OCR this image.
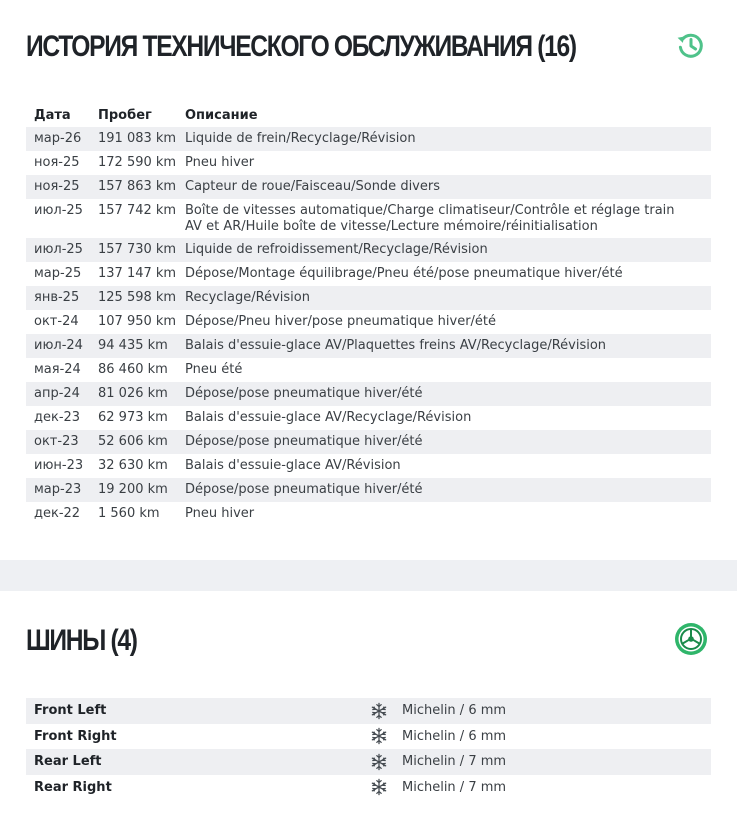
ИСТОРИЯ ТЕХНИЧЕСКОГО ОБСЛУЖИВАНИЯ (16)
Дата	Пробег	Описание
мар-26	191 083 km Liquide de frein/Recyclage/Révision
ноя-25	172 590 km Pneu hiver
ноя-25	157 863 km Capteur de roue/Faisceau/Sonde divers
июл-25	157 742 km Boîte de vitesses automatique/Charge climatiseur/Contrôle et réglage train AV et AR/Huile boîte de vitesse/Lecture mémoire/réinitialisation
июл-25	157 730 km Liquide de refroidissement/Recyclage/Révision
мар-25	137 147 km Dépose/Montage équilibrage/Pneu été/pose pneumatique hiver/été
янв-25	125 598 km Recyclage/Révision
окт-24	107 950 km Dépose/Pneu hiver/pose pneumatique hiver/été
июл-24	94 435 km	Balais d'essuie-glace AV/Plaquettes freins AV/Recyclage/Révision
мая-24	86 460 km	Pneu été
апр-24	81 026 km	Dépose/pose pneumatique hiver/été
дек-23	62 973 km	Balais d'essuie-glace AV/Recyclage/Révision
окт-23	52 606 km	Dépose/pose pneumatique hiver/été
июн-23	32 630 km	Balais d'essuie-glace AV/Révision
мар-23	19 200 km	Dépose/pose pneumatique hiver/été
дек-22	1 560 km	Pneu hiver
ШИНЫ (4)
Front Left	Michelin / 6 mm
Front Right	Michelin / 6 mm
Rear Left	Michelin / 7 mm
Rear Right	Michelin / 7 mm
